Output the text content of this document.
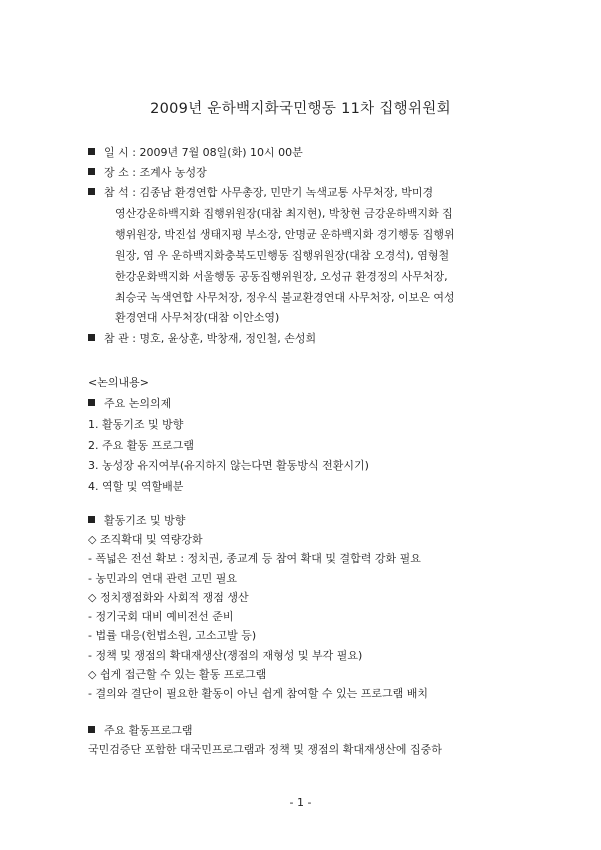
2009년 운하백지화국민행동 11차 집행위원회
일 시 : 2009년 7월 08일(화) 10시 00분
장 소 : 조계사 농성장
참 석 : 김종남 환경연합 사무총장, 민만기 녹색교통 사무처장, 박미경
영산강운하백지화 집행위원장(대참 최지현), 박창현 금강운하백지화 집
행위원장, 박진섭 생태지평 부소장, 안명균 운하백지화 경기행동 집행위
원장, 염 우 운하백지화충북도민행동 집행위원장(대참 오경석), 염형철
한강운화백지화 서울행동 공동집행위원장, 오성규 환경정의 사무처장,
최승국 녹색연합 사무처장, 정우식 불교환경연대 사무처장, 이보은 여성
환경연대 사무처장(대참 이안소영)
참 관 : 명호, 윤상훈, 박창재, 정인철, 손성희
<논의내용>
주요 논의의제
1. 활동기조 및 방향
2. 주요 활동 프로그램
3. 농성장 유지여부(유지하지 않는다면 활동방식 전환시기)
4. 역할 및 역할배분
활동기조 및 방향
◇ 조직확대 및 역량강화
- 폭넓은 전선 확보 : 정치권, 종교계 등 참여 확대 및 결합력 강화 필요
- 농민과의 연대 관련 고민 필요
◇ 정치쟁점화와 사회적 쟁점 생산
- 정기국회 대비 예비전선 준비
- 법률 대응(헌법소원, 고소고발 등)
- 정책 및 쟁점의 확대재생산(쟁점의 재형성 및 부각 필요)
◇ 쉽게 접근할 수 있는 활동 프로그램
- 결의와 결단이 필요한 활동이 아닌 쉽게 참여할 수 있는 프로그램 배치
주요 활동프로그램
국민검증단 포함한 대국민프로그램과 정책 및 쟁점의 확대재생산에 집중하
- 1 -
